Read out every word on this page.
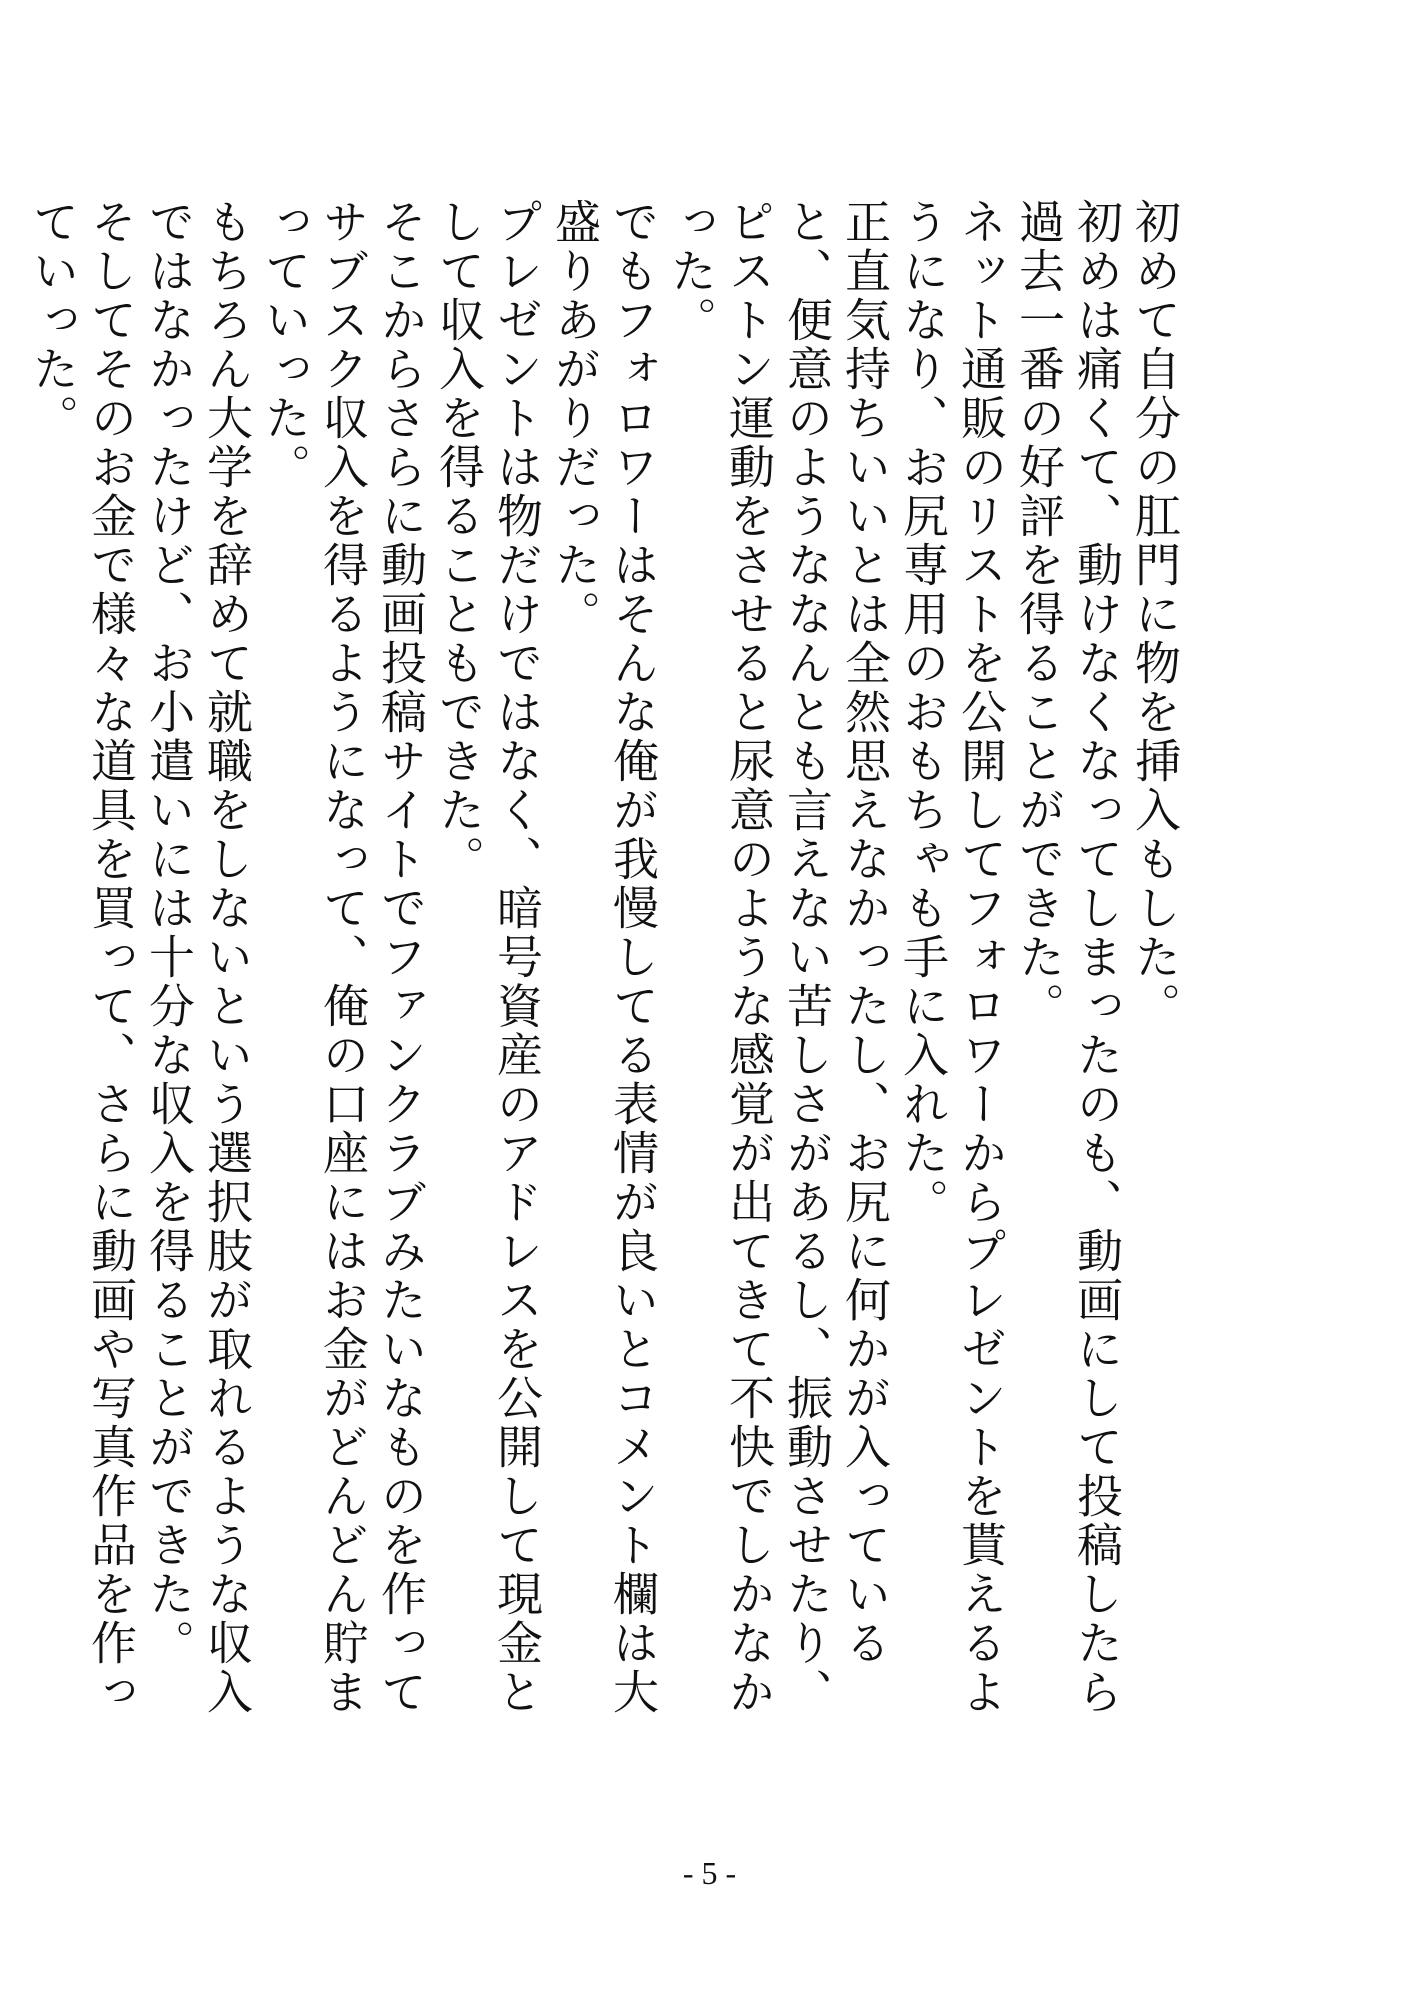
初めて自分の肛門に物を挿入もした。

初めは痛くて、動けなくなってしまったのも、動画にして投稿したら過去一番の好評を得ることができた。

ネット通販のリストを公開してフォロワーからプレゼントを貰えるようになり、お尻専用のおもちゃも手に入れた。

正直気持ちいいとは全然思えなかったし、お尻に何かが入っていると、便意のようななんとも言えない苦しさがあるし、振動させたり、ピストン運動をさせると尿意のような感覚が出てきて不快でしかなかった。

でもフォロワーはそんな俺が我慢してる表情が良いとコメント欄は大盛りあがりだった。

プレゼントは物だけではなく、暗号資産のアドレスを公開して現金として収入を得ることもできた。

そこからさらに動画投稿サイトでファンクラブみたいなものを作ってサブスク収入を得るようになって、俺の口座にはお金がどんどん貯まっていった。

もちろん大学を辞めて就職をしないという選択肢が取れるような収入ではなかったけど、お小遣いには十分な収入を得ることができた。

そしてそのお金で様々な道具を買って、さらに動画や写真作品を作っていった。

- 5 -
